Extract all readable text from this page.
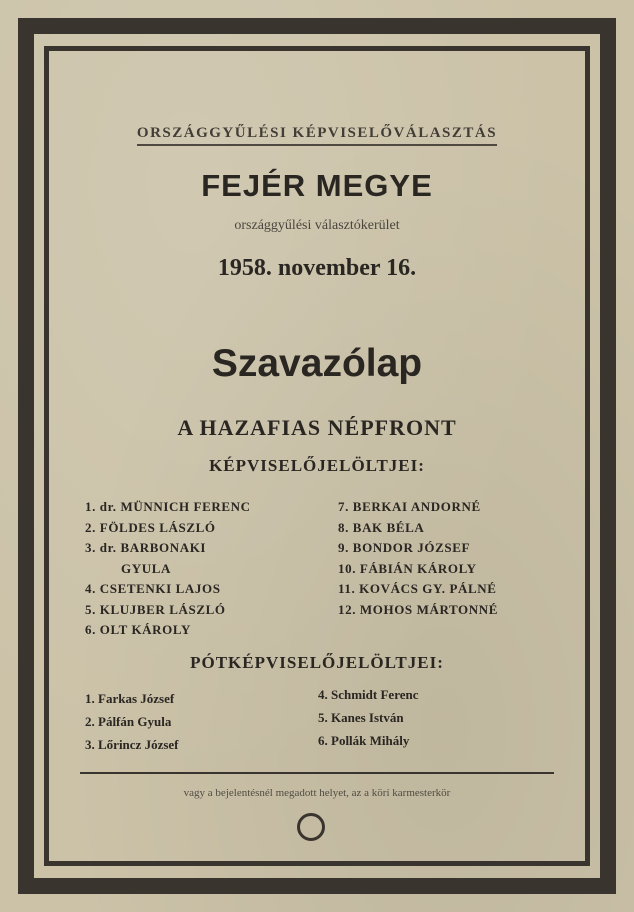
ORSZÁGGYŰLÉSI KÉPVISELŐVÁLASZTÁS
FEJÉR MEGYE
országgyűlési választókerület
1958. november 16.
Szavazólap
A HAZAFIAS NÉPFRONT
KÉPVISELŐJELÖLTJEI:
1. dr. MÜNNICH FERENC
2. FÖLDES LÁSZLÓ
3. dr. BARBONAKI
GYULA
4. CSETENKI LAJOS
5. KLUJBER LÁSZLÓ
6. OLT KÁROLY
7. BERKAI ANDORNÉ
8. BAK BÉLA
9. BONDOR JÓZSEF
10. FÁBIÁN KÁROLY
11. KOVÁCS GY. PÁLNÉ
12. MOHOS MÁRTONNÉ
PÓTKÉPVISELŐJELÖLTJEI:
1. Farkas József
2. Pálfán Gyula
3. Lőrincz József
4. Schmidt Ferenc
5. Kanes István
6. Pollák Mihály
vagy a bejelentésnél megadott helyet, az a körí karmesterkör
